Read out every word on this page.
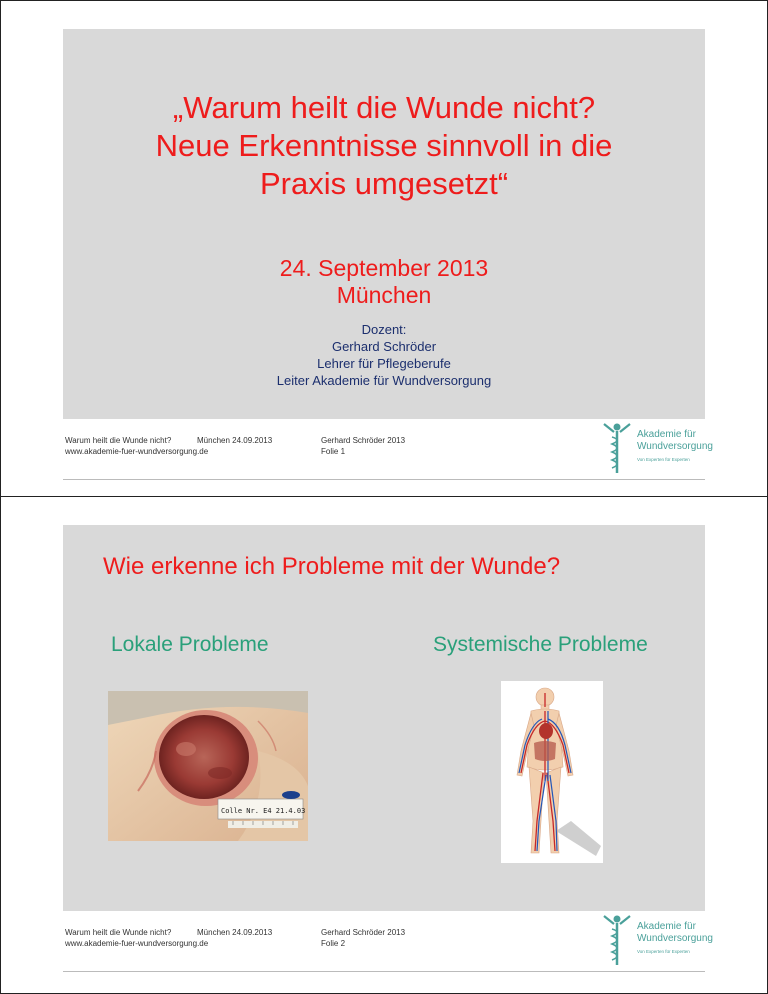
„Warum heilt die Wunde nicht?
Neue Erkenntnisse sinnvoll in die
Praxis umgesetzt“
24. September 2013
München
Dozent:
Gerhard Schröder
Lehrer für Pflegeberufe
Leiter Akademie für Wundversorgung
Warum heilt die Wunde nicht?	München 24.09.2013
www.akademie-fuer-wundversorgung.de
Gerhard Schröder 2013
Folie 1
Akademie für
Wundversorgung
Von Experten für Experten
Wie erkenne ich Probleme mit der Wunde?
Lokale Probleme	Systemische Probleme
Colle Nr. E4 21.4.03
Warum heilt die Wunde nicht?	München 24.09.2013
www.akademie-fuer-wundversorgung.de
Gerhard Schröder 2013
Folie 2
Akademie für
Wundversorgung
Von Experten für Experten
